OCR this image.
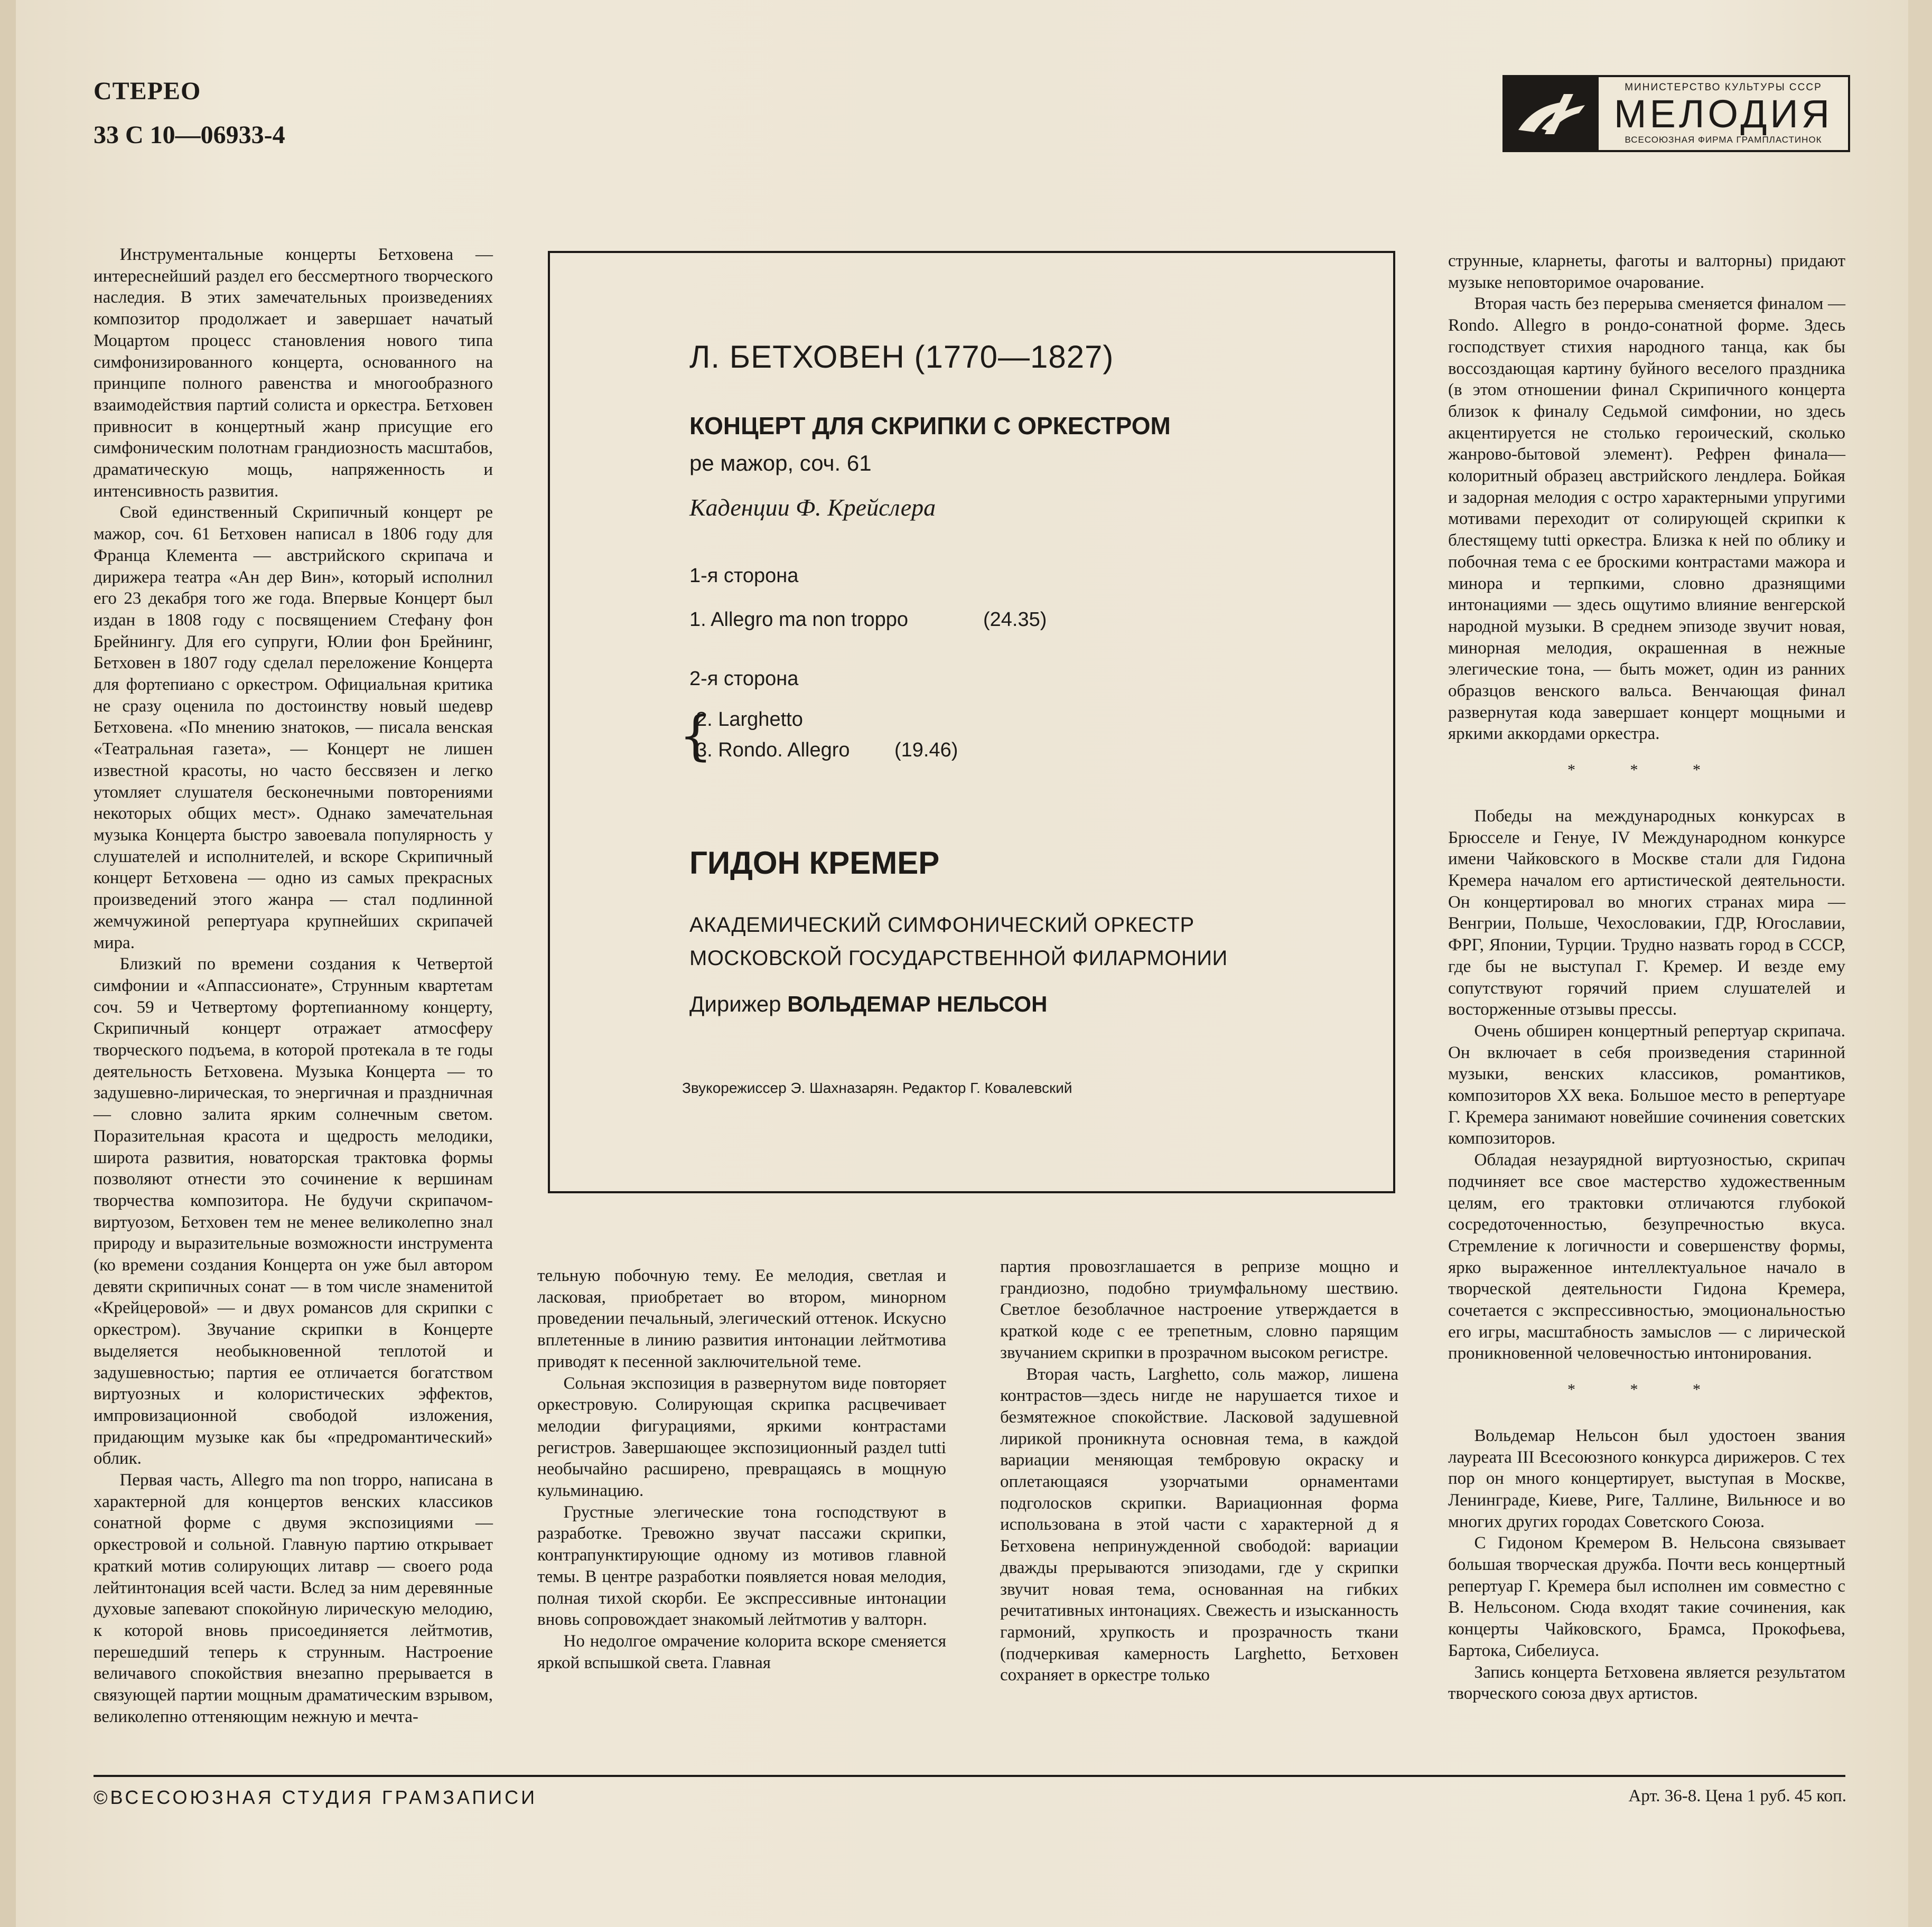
СТЕРЕО
33 С 10—06933-4
МИНИСТЕРСТВО КУЛЬТУРЫ СССР
МЕЛОДИЯ
ВСЕСОЮЗНАЯ ФИРМА ГРАМПЛАСТИНОК

Инструментальные концерты Бетховена — интереснейший раздел его бессмертного творческого наследия. В этих замечательных произведениях композитор продолжает и завершает начатый Моцартом процесс становления нового типа симфонизированного концерта, основанного на принципе полного равенства и многообразного взаимодействия партий солиста и оркестра. Бетховен привносит в концертный жанр присущие его симфоническим полотнам грандиозность масштабов, драматическую мощь, напряженность и интенсивность развития.

Свой единственный Скрипичный концерт ре мажор, соч. 61 Бетховен написал в 1806 году для Франца Клемента — австрийского скрипача и дирижера театра «Ан дер Вин», который исполнил его 23 декабря того же года. Впервые Концерт был издан в 1808 году с посвящением Стефану фон Брейнингу. Для его супруги, Юлии фон Брейнинг, Бетховен в 1807 году сделал переложение Концерта для фортепиано с оркестром. Официальная критика не сразу оценила по достоинству новый шедевр Бетховена. «По мнению знатоков, — писала венская «Театральная газета», — Концерт не лишен известной красоты, но часто бессвязен и легко утомляет слушателя бесконечными повторениями некоторых общих мест». Однако замечательная музыка Концерта быстро завоевала популярность у слушателей и исполнителей, и вскоре Скрипичный концерт Бетховена — одно из самых прекрасных произведений этого жанра — стал подлинной жемчужиной репертуара крупнейших скрипачей мира.

Близкий по времени создания к Четвертой симфонии и «Аппассионате», Струнным квартетам соч. 59 и Четвертому фортепианному концерту, Скрипичный концерт отражает атмосферу творческого подъема, в которой протекала в те годы деятельность Бетховена. Музыка Концерта — то задушевно-лирическая, то энергичная и праздничная — словно залита ярким солнечным светом. Поразительная красота и щедрость мелодики, широта развития, новаторская трактовка формы позволяют отнести это сочинение к вершинам творчества композитора. Не будучи скрипачом-виртуозом, Бетховен тем не менее великолепно знал природу и выразительные возможности инструмента (ко времени создания Концерта он уже был автором девяти скрипичных сонат — в том числе знаменитой «Крейцеровой» — и двух романсов для скрипки с оркестром). Звучание скрипки в Концерте выделяется необыкновенной теплотой и задушевностью; партия ее отличается богатством виртуозных и колористических эффектов, импровизационной свободой изложения, придающим музыке как бы «предромантический» облик.

Первая часть, Allegro ma non troppo, написана в характерной для концертов венских классиков сонатной форме с двумя экспозициями — оркестровой и сольной. Главную партию открывает краткий мотив солирующих литавр — своего рода лейтинтонация всей части. Вслед за ним деревянные духовые запевают спокойную лирическую мелодию, к которой вновь присоединяется лейтмотив, перешедший теперь к струнным. Настроение величавого спокойствия внезапно прерывается в связующей партии мощным драматическим взрывом, великолепно оттеняющим нежную и мечта-

Л. БЕТХОВЕН (1770—1827)
КОНЦЕРТ ДЛЯ СКРИПКИ С ОРКЕСТРОМ
ре мажор, соч. 61
Каденции Ф. Крейслера
1-я сторона
1. Allegro ma non troppo	(24.35)
2-я сторона
{
2. Larghetto
3. Rondo. Allegro (19.46)
ГИДОН КРЕМЕР
АКАДЕМИЧЕСКИЙ СИМФОНИЧЕСКИЙ ОРКЕСТР
МОСКОВСКОЙ ГОСУДАРСТВЕННОЙ ФИЛАРМОНИИ
Дирижер ВОЛЬДЕМАР НЕЛЬСОН
Звукорежиссер Э. Шахназарян. Редактор Г. Ковалевский

тельную побочную тему. Ее мелодия, светлая и ласковая, приобретает во втором, минорном проведении печальный, элегический оттенок. Искусно вплетенные в линию развития интонации лейтмотива приводят к песенной заключительной теме.

Сольная экспозиция в развернутом виде повторяет оркестровую. Солирующая скрипка расцвечивает мелодии фигурациями, яркими контрастами регистров. Завершающее экспозиционный раздел tutti необычайно расширено, превращаясь в мощную кульминацию.

Грустные элегические тона господствуют в разработке. Тревожно звучат пассажи скрипки, контрапунктирующие одному из мотивов главной темы. В центре разработки появляется новая мелодия, полная тихой скорби. Ее экспрессивные интонации вновь сопровождает знакомый лейтмотив у валторн.

Но недолгое омрачение колорита вскоре сменяется яркой вспышкой света. Главная

партия провозглашается в репризе мощно и грандиозно, подобно триумфальному шествию. Светлое безоблачное настроение утверждается в краткой коде с ее трепетным, словно парящим звучанием скрипки в прозрачном высоком регистре.

Вторая часть, Larghetto, соль мажор, лишена контрастов—здесь нигде не нарушается тихое и безмятежное спокойствие. Ласковой задушевной лирикой проникнута основная тема, в каждой вариации меняющая тембровую окраску и оплетающаяся узорчатыми орнаментами подголосков скрипки. Вариационная форма использована в этой части с характерной д я Бетховена непринужденной свободой: вариации дважды прерываются эпизодами, где у скрипки звучит новая тема, основанная на гибких речитативных интонациях. Свежесть и изысканность гармоний, хрупкость и прозрачность ткани (подчеркивая камерность Larghetto, Бетховен сохраняет в оркестре только

струнные, кларнеты, фаготы и валторны) придают музыке неповторимое очарование.

Вторая часть без перерыва сменяется финалом — Rondo. Allegro в рондо-сонатной форме. Здесь господствует стихия народного танца, как бы воссоздающая картину буйного веселого праздника (в этом отношении финал Скрипичного концерта близок к финалу Седьмой симфонии, но здесь акцентируется не столько героический, сколько жанрово-бытовой элемент). Рефрен финала—колоритный образец австрийского лендлера. Бойкая и задорная мелодия с остро характерными упругими мотивами переходит от солирующей скрипки к блестящему tutti оркестра. Близка к ней по облику и побочная тема с ее броскими контрастами мажора и минора и терпкими, словно дразнящими интонациями — здесь ощутимо влияние венгерской народной музыки. В среднем эпизоде звучит новая, минорная мелодия, окрашенная в нежные элегические тона, — быть может, один из ранних образцов венского вальса. Венчающая финал развернутая кода завершает концерт мощными и яркими аккордами оркестра.

* * *

Победы на международных конкурсах в Брюсселе и Генуе, IV Международном конкурсе имени Чайковского в Москве стали для Гидона Кремера началом его артистической деятельности. Он концертировал во многих странах мира — Венгрии, Польше, Чехословакии, ГДР, Югославии, ФРГ, Японии, Турции. Трудно назвать город в СССР, где бы не выступал Г. Кремер. И везде ему сопутствуют горячий прием слушателей и восторженные отзывы прессы.

Очень обширен концертный репертуар скрипача. Он включает в себя произведения старинной музыки, венских классиков, романтиков, композиторов XX века. Большое место в репертуаре Г. Кремера занимают новейшие сочинения советских композиторов.

Обладая незаурядной виртуозностью, скрипач подчиняет все свое мастерство художественным целям, его трактовки отличаются глубокой сосредоточенностью, безупречностью вкуса. Стремление к логичности и совершенству формы, ярко выраженное интеллектуальное начало в творческой деятельности Гидона Кремера, сочетается с экспрессивностью, эмоциональностью его игры, масштабность замыслов — с лирической проникновенной человечностью интонирования.

* * *

Вольдемар Нельсон был удостоен звания лауреата III Всесоюзного конкурса дирижеров. С тех пор он много концертирует, выступая в Москве, Ленинграде, Киеве, Риге, Таллине, Вильнюсе и во многих других городах Советского Союза.

С Гидоном Кремером В. Нельсона связывает большая творческая дружба. Почти весь концертный репертуар Г. Кремера был исполнен им совместно с В. Нельсоном. Сюда входят такие сочинения, как концерты Чайковского, Брамса, Прокофьева, Бартока, Сибелиуса.

Запись концерта Бетховена является результатом творческого союза двух артистов.

©ВСЕСОЮЗНАЯ СТУДИЯ ГРАМЗАПИСИ	Арт. 36-8. Цена 1 руб. 45 коп.
